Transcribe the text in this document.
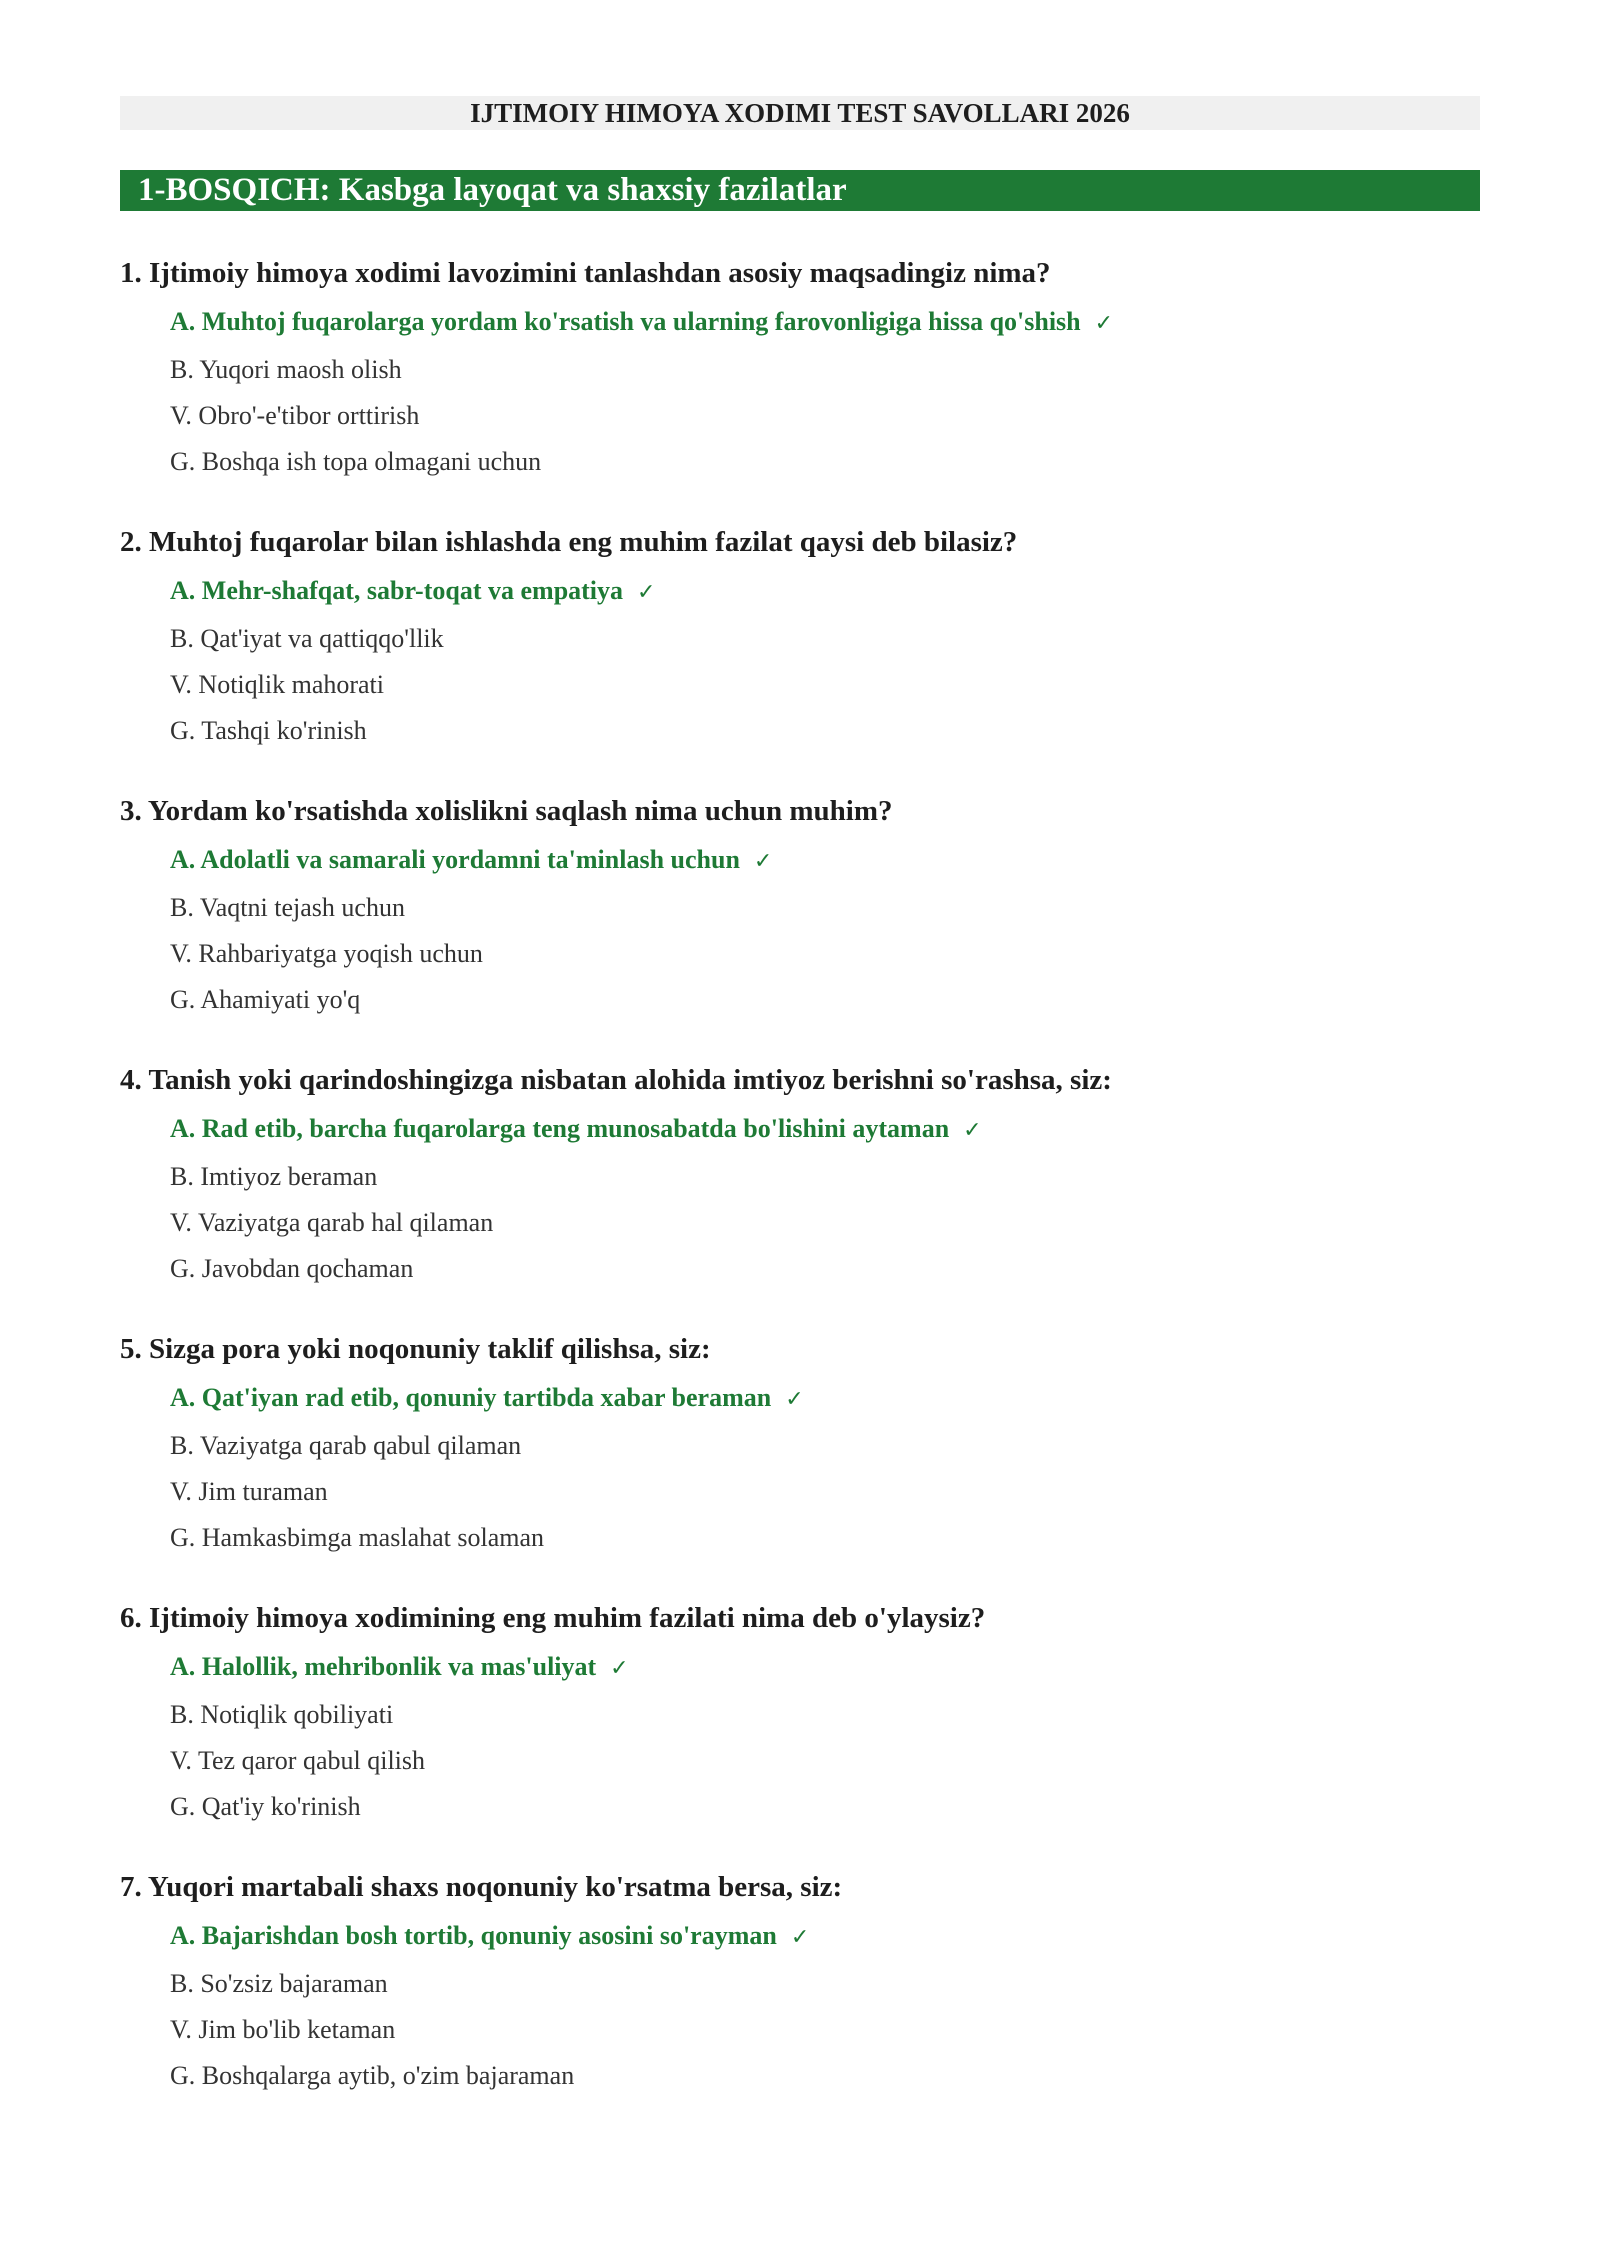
IJTIMOIY HIMOYA XODIMI TEST SAVOLLARI 2026
1-BOSQICH: Kasbga layoqat va shaxsiy fazilatlar
1. Ijtimoiy himoya xodimi lavozimini tanlashdan asosiy maqsadingiz nima?
A. Muhtoj fuqarolarga yordam ko'rsatish va ularning farovonligiga hissa qo'shish ✓
B. Yuqori maosh olish
V. Obro'-e'tibor orttirish
G. Boshqa ish topa olmagani uchun
2. Muhtoj fuqarolar bilan ishlashda eng muhim fazilat qaysi deb bilasiz?
A. Mehr-shafqat, sabr-toqat va empatiya ✓
B. Qat'iyat va qattiqqo'llik
V. Notiqlik mahorati
G. Tashqi ko'rinish
3. Yordam ko'rsatishda xolislikni saqlash nima uchun muhim?
A. Adolatli va samarali yordamni ta'minlash uchun ✓
B. Vaqtni tejash uchun
V. Rahbariyatga yoqish uchun
G. Ahamiyati yo'q
4. Tanish yoki qarindoshingizga nisbatan alohida imtiyoz berishni so'rashsa, siz:
A. Rad etib, barcha fuqarolarga teng munosabatda bo'lishini aytaman ✓
B. Imtiyoz beraman
V. Vaziyatga qarab hal qilaman
G. Javobdan qochaman
5. Sizga pora yoki noqonuniy taklif qilishsa, siz:
A. Qat'iyan rad etib, qonuniy tartibda xabar beraman ✓
B. Vaziyatga qarab qabul qilaman
V. Jim turaman
G. Hamkasbimga maslahat solaman
6. Ijtimoiy himoya xodimining eng muhim fazilati nima deb o'ylaysiz?
A. Halollik, mehribonlik va mas'uliyat ✓
B. Notiqlik qobiliyati
V. Tez qaror qabul qilish
G. Qat'iy ko'rinish
7. Yuqori martabali shaxs noqonuniy ko'rsatma bersa, siz:
A. Bajarishdan bosh tortib, qonuniy asosini so'rayman ✓
B. So'zsiz bajaraman
V. Jim bo'lib ketaman
G. Boshqalarga aytib, o'zim bajaraman
